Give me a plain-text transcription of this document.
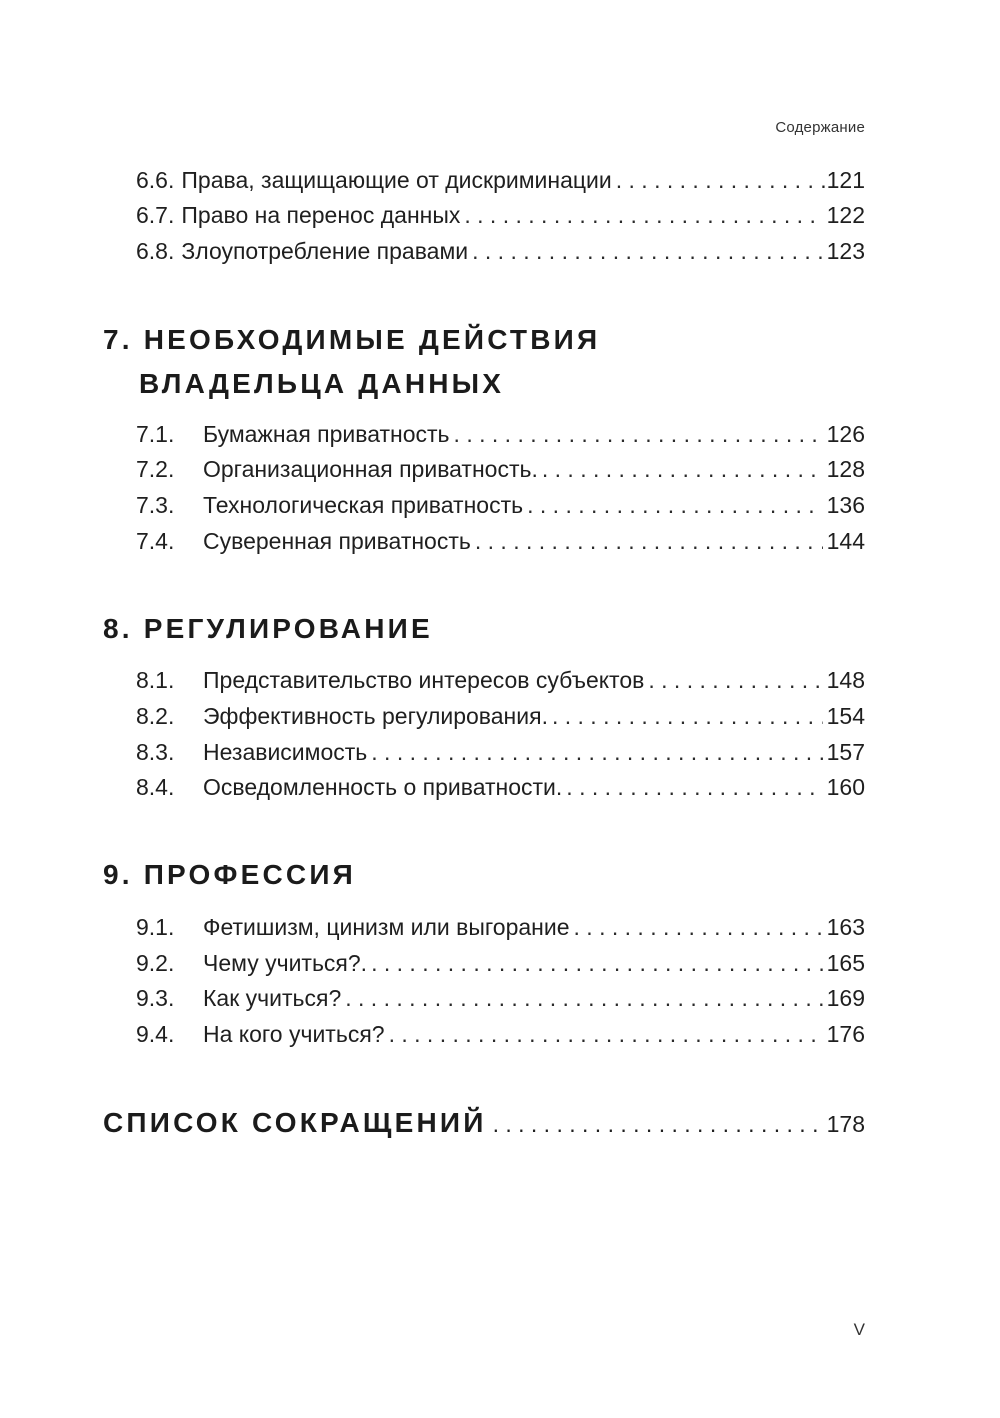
Содержание
6.6. Права, защищающие от дискриминации . . .	.121
6.7. Право на перенос данных . . .	122
6.8. Злоупотребление правами . . .	123
7. НЕОБХОДИМЫЕ ДЕЙСТВИЯ
ВЛАДЕЛЬЦА ДАННЫХ
7.1.	Бумажная приватность . . .	126
7.2.	Организационная приватность. . . .	128
7.3.	Технологическая приватность . . .	136
7.4.	Суверенная приватность . . .	144
8. РЕГУЛИРОВАНИЕ
8.1.	Представительство интересов субъектов . . .	148
8.2.	Эффективность регулирования. . . .	154
8.3.	Независимость . . .	157
8.4.	Осведомленность о приватности. . . .	160
9. ПРОФЕССИЯ
9.1.	Фетишизм, цинизм или выгорание . . .	163
9.2.	Чему учиться?. . . .	165
9.3.	Как учиться? . . .	169
9.4.	На кого учиться? . . .	176
СПИСОК СОКРАЩЕНИЙ . . .	178
V
